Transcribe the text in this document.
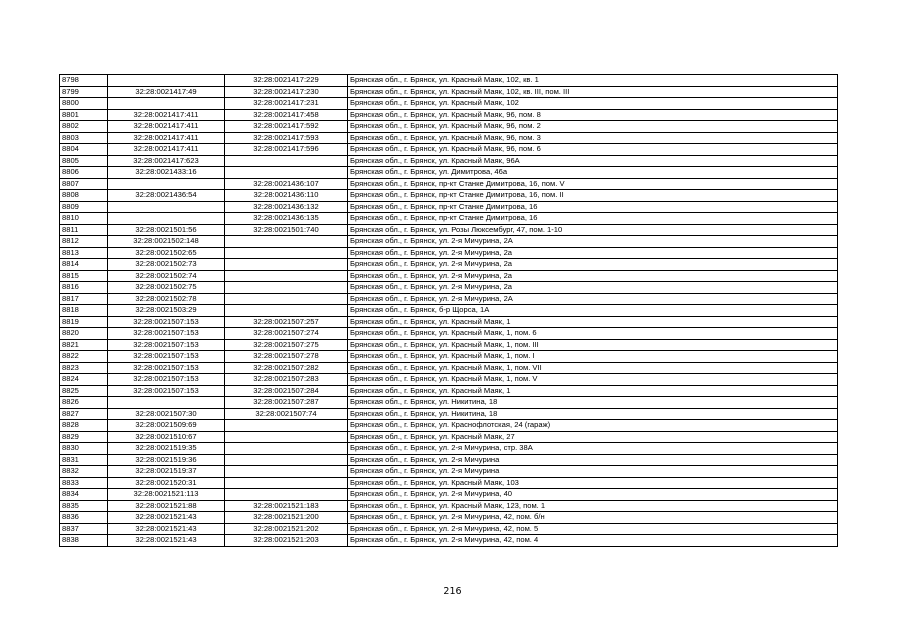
8798		32:28:0021417:229	Брянская обл., г. Брянск, ул. Красный Маяк, 102, кв. 1
8799	32:28:0021417:49	32:28:0021417:230	Брянская обл., г. Брянск, ул. Красный Маяк, 102, кв. III, пом. III
8800		32:28:0021417:231	Брянская обл., г. Брянск, ул. Красный Маяк, 102
8801	32:28:0021417:411	32:28:0021417:458	Брянская обл., г. Брянск, ул. Красный Маяк, 96, пом. 8
8802	32:28:0021417:411	32:28:0021417:592	Брянская обл., г. Брянск, ул. Красный Маяк, 96, пом. 2
8803	32:28:0021417:411	32:28:0021417:593	Брянская обл., г. Брянск, ул. Красный Маяк, 96, пом. 3
8804	32:28:0021417:411	32:28:0021417:596	Брянская обл., г. Брянск, ул. Красный Маяк, 96, пом. 6
8805	32:28:0021417:623		Брянская обл., г. Брянск, ул. Красный Маяк, 96А
8806	32:28:0021433:16		Брянская обл., г. Брянск, ул. Димитрова, 46а
8807		32:28:0021436:107	Брянская обл., г. Брянск, пр-кт Станке Димитрова, 16, пом. V
8808	32:28:0021436:54	32:28:0021436:110	Брянская обл., г. Брянск, пр-кт Станке Димитрова, 16, пом. II
8809		32:28:0021436:132	Брянская обл., г. Брянск, пр-кт Станке Димитрова, 16
8810		32:28:0021436:135	Брянская обл., г. Брянск, пр-кт Станке Димитрова, 16
8811	32:28:0021501:56	32:28:0021501:740	Брянская обл., г. Брянск, ул. Розы Люксембург, 47, пом. 1-10
8812	32:28:0021502:148		Брянская обл., г. Брянск, ул. 2-я Мичурина, 2А
8813	32:28:0021502:65		Брянская обл., г. Брянск, ул. 2-я Мичурина, 2а
8814	32:28:0021502:73		Брянская обл., г. Брянск, ул. 2-я Мичурина, 2а
8815	32:28:0021502:74		Брянская обл., г. Брянск, ул. 2-я Мичурина, 2а
8816	32:28:0021502:75		Брянская обл., г. Брянск, ул. 2-я Мичурина, 2а
8817	32:28:0021502:78		Брянская обл., г. Брянск, ул. 2-я Мичурина, 2А
8818	32:28:0021503:29		Брянская обл., г. Брянск, б-р Щорса, 1А
8819	32:28:0021507:153	32:28:0021507:257	Брянская обл., г. Брянск, ул. Красный Маяк, 1
8820	32:28:0021507:153	32:28:0021507:274	Брянская обл., г. Брянск, ул. Красный Маяк, 1, пом. 6
8821	32:28:0021507:153	32:28:0021507:275	Брянская обл., г. Брянск, ул. Красный Маяк, 1, пом. III
8822	32:28:0021507:153	32:28:0021507:278	Брянская обл., г. Брянск, ул. Красный Маяк, 1, пом. I
8823	32:28:0021507:153	32:28:0021507:282	Брянская обл., г. Брянск, ул. Красный Маяк, 1, пом. VII
8824	32:28:0021507:153	32:28:0021507:283	Брянская обл., г. Брянск, ул. Красный Маяк, 1, пом. V
8825	32:28:0021507:153	32:28:0021507:284	Брянская обл., г. Брянск, ул. Красный Маяк, 1
8826		32:28:0021507:287	Брянская обл., г. Брянск, ул. Никитина, 18
8827	32:28:0021507:30	32:28:0021507:74	Брянская обл., г. Брянск, ул. Никитина, 18
8828	32:28:0021509:69		Брянская обл., г. Брянск, ул. Краснофлотская, 24 (гараж)
8829	32:28:0021510:67		Брянская обл., г. Брянск, ул. Красный Маяк, 27
8830	32:28:0021519:35		Брянская обл., г. Брянск, ул. 2-я Мичурина, стр. 38А
8831	32:28:0021519:36		Брянская обл., г. Брянск, ул. 2-я Мичурина
8832	32:28:0021519:37		Брянская обл., г. Брянск, ул. 2-я Мичурина
8833	32:28:0021520:31		Брянская обл., г. Брянск, ул. Красный Маяк, 103
8834	32:28:0021521:113		Брянская обл., г. Брянск, ул. 2-я Мичурина, 40
8835	32:28:0021521:88	32:28:0021521:183	Брянская обл., г. Брянск, ул. Красный Маяк, 123, пом. 1
8836	32:28:0021521:43	32:28:0021521:200	Брянская обл., г. Брянск, ул. 2-я Мичурина, 42, пом. б/н
8837	32:28:0021521:43	32:28:0021521:202	Брянская обл., г. Брянск, ул. 2-я Мичурина, 42, пом. 5
8838	32:28:0021521:43	32:28:0021521:203	Брянская обл., г. Брянск, ул. 2-я Мичурина, 42, пом. 4
216
